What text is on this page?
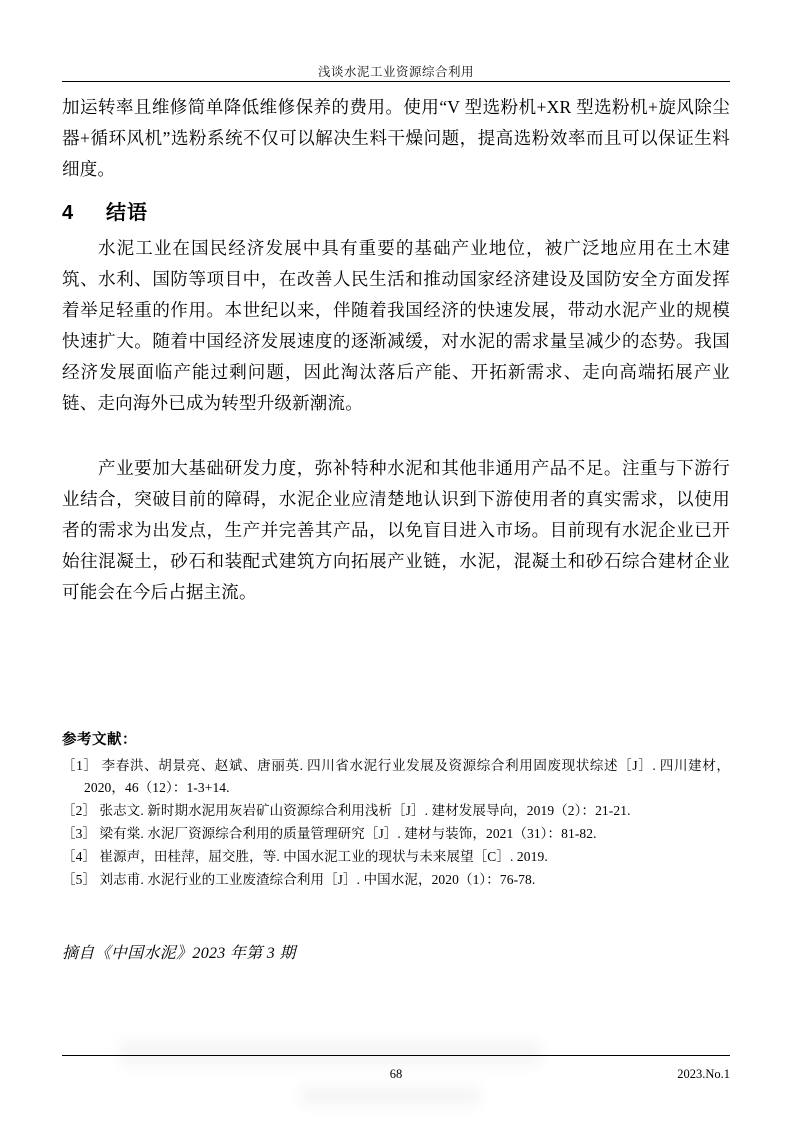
浅谈水泥工业资源综合利用

加运转率且维修简单降低维修保养的费用。使用“V 型选粉机+XR 型选粉机+旋风除尘器+循环风机”选粉系统不仅可以解决生料干燥问题，提高选粉效率而且可以保证生料细度。

4 结语

水泥工业在国民经济发展中具有重要的基础产业地位，被广泛地应用在土木建筑、水利、国防等项目中，在改善人民生活和推动国家经济建设及国防安全方面发挥着举足轻重的作用。本世纪以来，伴随着我国经济的快速发展，带动水泥产业的规模快速扩大。随着中国经济发展速度的逐渐减缓，对水泥的需求量呈减少的态势。我国经济发展面临产能过剩问题，因此淘汰落后产能、开拓新需求、走向高端拓展产业链、走向海外已成为转型升级新潮流。

产业要加大基础研发力度，弥补特种水泥和其他非通用产品不足。注重与下游行业结合，突破目前的障碍，水泥企业应清楚地认识到下游使用者的真实需求，以使用者的需求为出发点，生产并完善其产品，以免盲目进入市场。目前现有水泥企业已开始往混凝土，砂石和装配式建筑方向拓展产业链，水泥，混凝土和砂石综合建材企业可能会在今后占据主流。

参考文献：
［1］ 李春洪、胡景亮、赵斌、唐丽英. 四川省水泥行业发展及资源综合利用固废现状综述［J］. 四川建材，2020，46（12）：1-3+14.
［2］ 张志文. 新时期水泥用灰岩矿山资源综合利用浅析［J］. 建材发展导向，2019（2）：21-21.
［3］ 梁有棠. 水泥厂资源综合利用的质量管理研究［J］. 建材与装饰，2021（31）：81-82.
［4］ 崔源声，田桂萍，屈交胜，等. 中国水泥工业的现状与未来展望［C］. 2019.
［5］ 刘志甫. 水泥行业的工业废渣综合利用［J］. 中国水泥，2020（1）：76-78.
摘自《中国水泥》2023 年第 3 期
68	2023.No.1
